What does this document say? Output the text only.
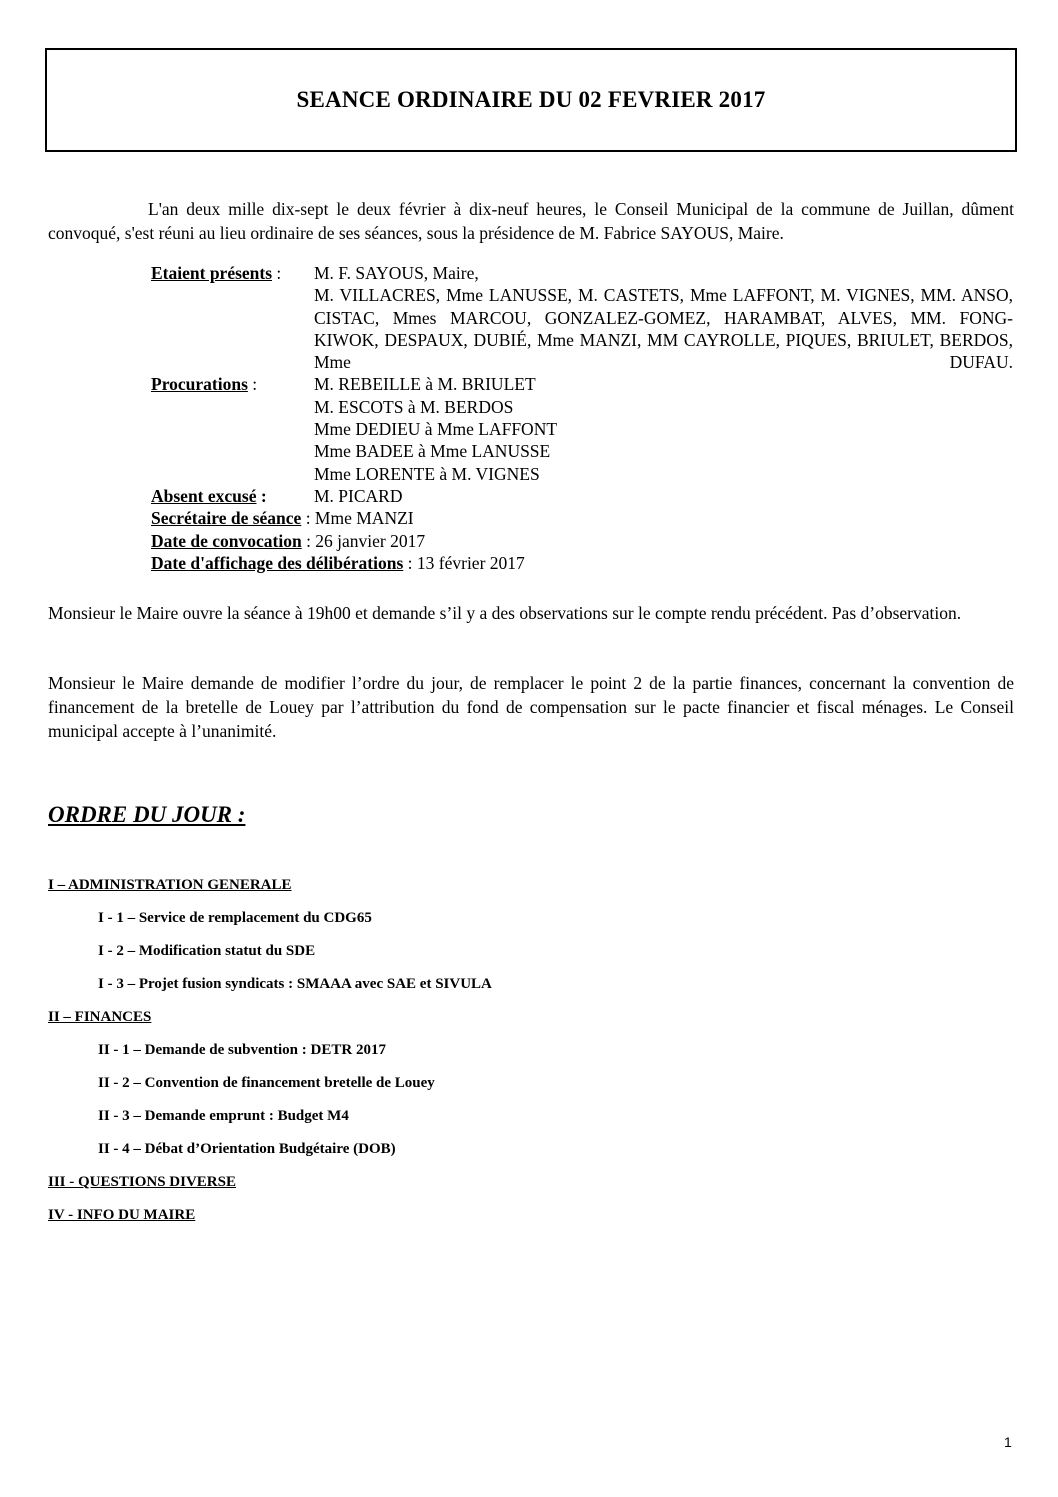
SEANCE ORDINAIRE DU 02 FEVRIER 2017

L'an deux mille dix-sept le deux février à dix-neuf heures, le Conseil Municipal de la commune de Juillan, dûment convoqué, s'est réuni au lieu ordinaire de ses séances, sous la présidence de M. Fabrice SAYOUS, Maire.

Etaient présents :	M. F. SAYOUS, Maire,
M. VILLACRES, Mme LANUSSE, M. CASTETS, Mme LAFFONT, M. VIGNES, MM. ANSO, CISTAC, Mmes MARCOU, GONZALEZ-GOMEZ, HARAMBAT, ALVES, MM. FONG-KIWOK, DESPAUX, DUBIÉ, Mme MANZI, MM CAYROLLE, PIQUES, BRIULET, BERDOS, Mme DUFAU.
Procurations :	M. REBEILLE à M. BRIULET
M. ESCOTS à M. BERDOS
Mme DEDIEU à Mme LAFFONT
Mme BADEE à Mme LANUSSE
Mme LORENTE à M. VIGNES
Absent excusé :	M. PICARD
Secrétaire de séance : Mme MANZI
Date de convocation : 26 janvier 2017
Date d'affichage des délibérations : 13 février 2017

Monsieur le Maire ouvre la séance à 19h00 et demande s’il y a des observations sur le compte rendu précédent. Pas d’observation.

Monsieur le Maire demande de modifier l’ordre du jour, de remplacer le point 2 de la partie finances, concernant la convention de financement de la bretelle de Louey par l’attribution du fond de compensation sur le pacte financier et fiscal ménages. Le Conseil municipal accepte à l’unanimité.

ORDRE DU JOUR :
I – ADMINISTRATION GENERALE
I - 1 – Service de remplacement du CDG65
I - 2 – Modification statut du SDE
I - 3 – Projet fusion syndicats : SMAAA avec SAE et SIVULA
II – FINANCES
II - 1 – Demande de subvention : DETR 2017
II - 2 – Convention de financement bretelle de Louey
II - 3 – Demande emprunt : Budget M4
II - 4 – Débat d’Orientation Budgétaire (DOB)
III - QUESTIONS DIVERSE
IV - INFO DU MAIRE
1
